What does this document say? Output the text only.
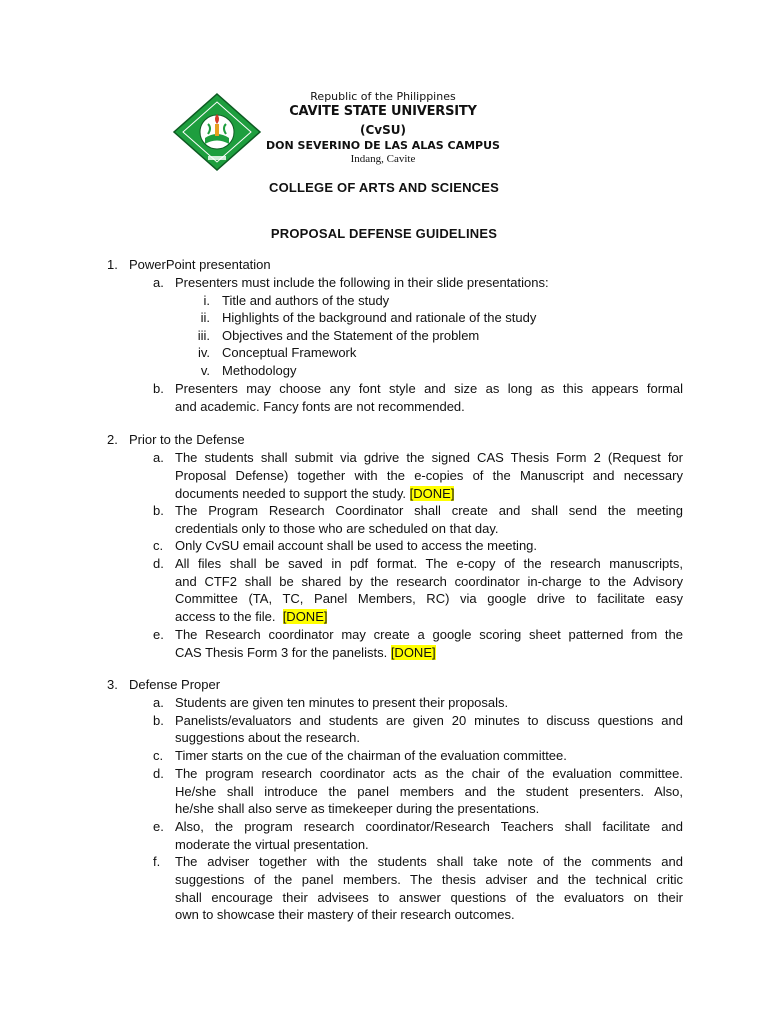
Republic of the Philippines
CAVITE STATE UNIVERSITY
(CvSU)
DON SEVERINO DE LAS ALAS CAMPUS
Indang, Cavite
COLLEGE OF ARTS AND SCIENCES
PROPOSAL DEFENSE GUIDELINES
1. PowerPoint presentation
a. Presenters must include the following in their slide presentations:
i. Title and authors of the study
ii. Highlights of the background and rationale of the study
iii. Objectives and the Statement of the problem
iv. Conceptual Framework
v. Methodology
b. Presenters may choose any font style and size as long as this appears formal
and academic. Fancy fonts are not recommended.
2. Prior to the Defense
a. The students shall submit via gdrive the signed CAS Thesis Form 2 (Request for
Proposal Defense) together with the e-copies of the Manuscript and necessary
documents needed to support the study. [DONE]
b. The Program Research Coordinator shall create and shall send the meeting
credentials only to those who are scheduled on that day.
c. Only CvSU email account shall be used to access the meeting.
d. All files shall be saved in pdf format. The e-copy of the research manuscripts,
and CTF2 shall be shared by the research coordinator in-charge to the Advisory
Committee (TA, TC, Panel Members, RC) via google drive to facilitate easy
access to the file. [DONE]
e. The Research coordinator may create a google scoring sheet patterned from the
CAS Thesis Form 3 for the panelists. [DONE]
3. Defense Proper
a. Students are given ten minutes to present their proposals.
b. Panelists/evaluators and students are given 20 minutes to discuss questions and
suggestions about the research.
c. Timer starts on the cue of the chairman of the evaluation committee.
d. The program research coordinator acts as the chair of the evaluation committee.
He/she shall introduce the panel members and the student presenters. Also,
he/she shall also serve as timekeeper during the presentations.
e. Also, the program research coordinator/Research Teachers shall facilitate and
moderate the virtual presentation.
f. The adviser together with the students shall take note of the comments and
suggestions of the panel members. The thesis adviser and the technical critic
shall encourage their advisees to answer questions of the evaluators on their
own to showcase their mastery of their research outcomes.
